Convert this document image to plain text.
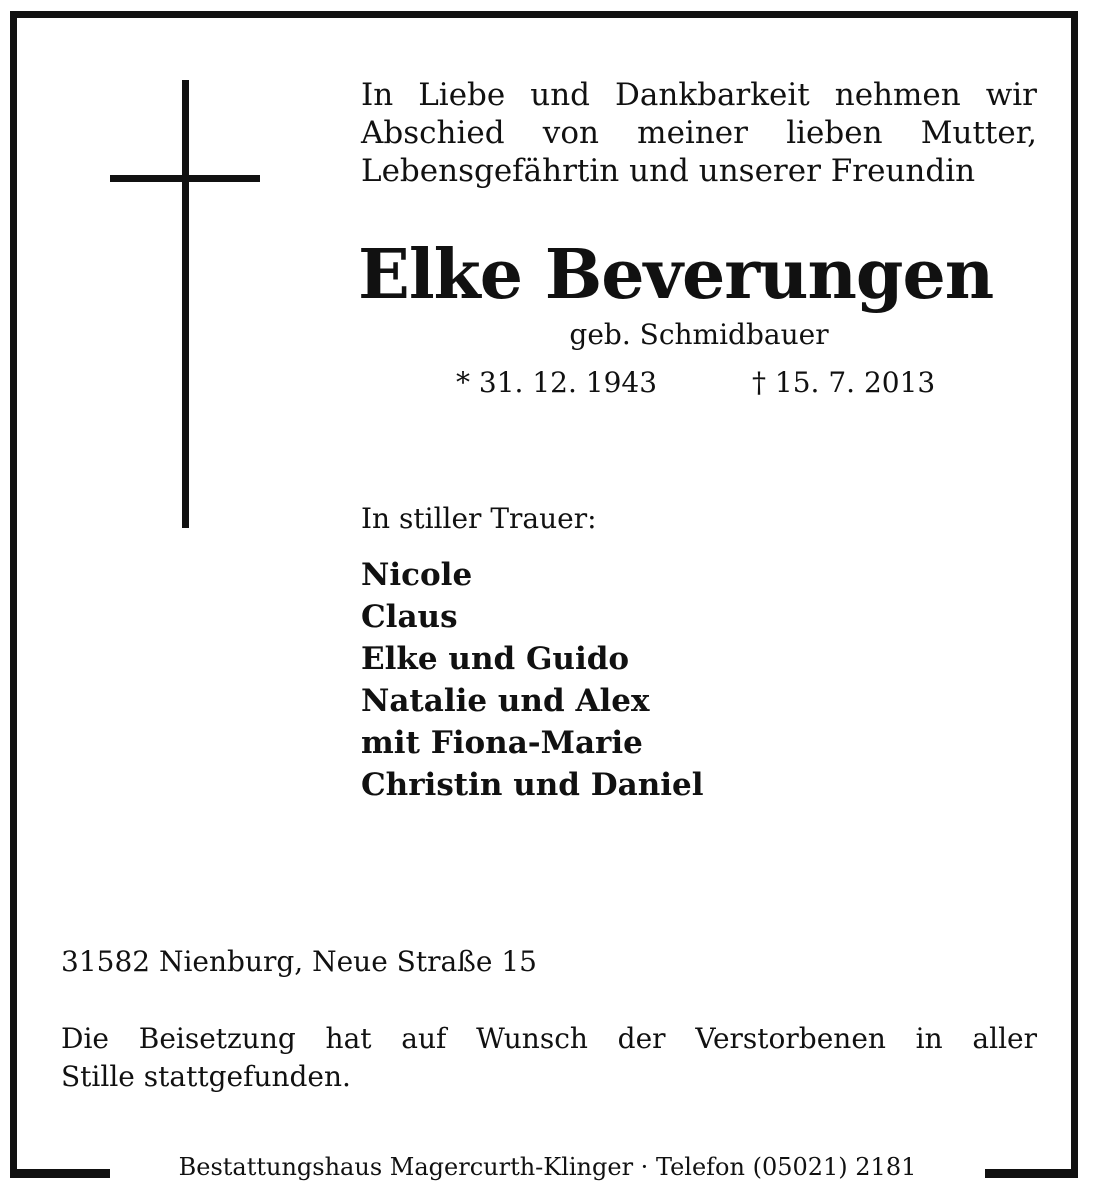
In Liebe und Dankbarkeit nehmen wir
Abschied von meiner lieben Mutter,
Lebensgefährtin und unserer Freundin
Elke Beverungen
geb. Schmidbauer
* 31. 12. 1943	† 15. 7. 2013
In stiller Trauer:
Nicole
Claus
Elke und Guido
Natalie und Alex
mit Fiona-Marie
Christin und Daniel
31582 Nienburg, Neue Straße 15
Die Beisetzung hat auf Wunsch der Verstorbenen in aller
Stille stattgefunden.
Bestattungshaus Magercurth-Klinger · Telefon (05021) 2181
